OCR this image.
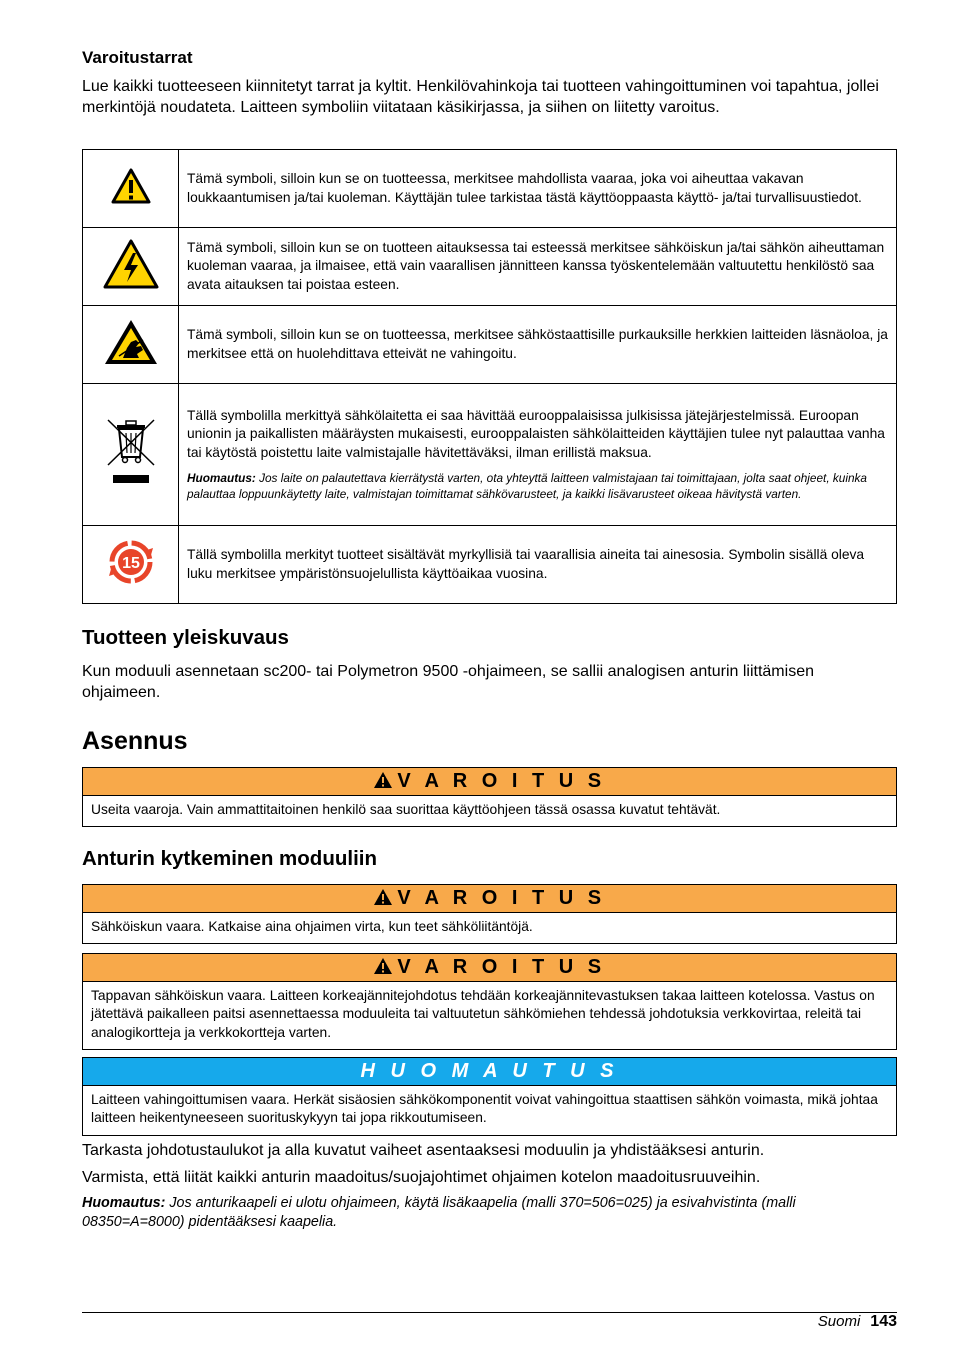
Varoitustarrat
Lue kaikki tuotteeseen kiinnitetyt tarrat ja kyltit. Henkilövahinkoja tai tuotteen vahingoittuminen voi tapahtua, jollei merkintöjä noudateta. Laitteen symboliin viitataan käsikirjassa, ja siihen on liitetty varoitus.
	Tämä symboli, silloin kun se on tuotteessa, merkitsee mahdollista vaaraa, joka voi aiheuttaa vakavan loukkaantumisen ja/tai kuoleman. Käyttäjän tulee tarkistaa tästä käyttöoppaasta käyttö- ja/tai turvallisuustiedot.
	Tämä symboli, silloin kun se on tuotteen aitauksessa tai esteessä merkitsee sähköiskun ja/tai sähkön aiheuttaman kuoleman vaaraa, ja ilmaisee, että vain vaarallisen jännitteen kanssa työskentelemään valtuutettu henkilöstö saa avata aitauksen tai poistaa esteen.
	Tämä symboli, silloin kun se on tuotteessa, merkitsee sähköstaattisille purkauksille herkkien laitteiden läsnäoloa, ja merkitsee että on huolehdittava etteivät ne vahingoitu.

Tällä symbolilla merkittyä sähkölaitetta ei saa hävittää eurooppalaisissa julkisissa jätejärjestelmissä. Euroopan unionin ja paikallisten määräysten mukaisesti, eurooppalaisten sähkölaitteiden käyttäjien tulee nyt palauttaa vanha tai käytöstä poistettu laite valmistajalle hävitettäväksi, ilman erillistä maksua.
Huomautus: Jos laite on palautettava kierrätystä varten, ota yhteyttä laitteen valmistajaan tai toimittajaan, jolta saat ohjeet, kuinka palauttaa loppuunkäytetty laite, valmistajan toimittamat sähkövarusteet, ja kaikki lisävarusteet oikeaa hävitystä varten.

15	Tällä symbolilla merkityt tuotteet sisältävät myrkyllisiä tai vaarallisia aineita tai ainesosia. Symbolin sisällä oleva luku merkitsee ympäristönsuojelullista käyttöaikaa vuosina.
Tuotteen yleiskuvaus
Kun moduuli asennetaan sc200- tai Polymetron 9500 -ohjaimeen, se sallii analogisen anturin liittämisen ohjaimeen.
Asennus
V A R O I T U S
Useita vaaroja. Vain ammattitaitoinen henkilö saa suorittaa käyttöohjeen tässä osassa kuvatut tehtävät.
Anturin kytkeminen moduuliin
V A R O I T U S
Sähköiskun vaara. Katkaise aina ohjaimen virta, kun teet sähköliitäntöjä.
V A R O I T U S
Tappavan sähköiskun vaara. Laitteen korkeajännitejohdotus tehdään korkeajännitevastuksen takaa laitteen kotelossa. Vastus on jätettävä paikalleen paitsi asennettaessa moduuleita tai valtuutetun sähkömiehen tehdessä johdotuksia verkkovirtaa, releitä tai analogikortteja ja verkkokortteja varten.
H U O M A U T U S
Laitteen vahingoittumisen vaara. Herkät sisäosien sähkökomponentit voivat vahingoittua staattisen sähkön voimasta, mikä johtaa laitteen heikentyneeseen suorituskykyyn tai jopa rikkoutumiseen.
Tarkasta johdotustaulukot ja alla kuvatut vaiheet asentaaksesi moduulin ja yhdistääksesi anturin.
Varmista, että liität kaikki anturin maadoitus/suojajohtimet ohjaimen kotelon maadoitusruuveihin.
Huomautus: Jos anturikaapeli ei ulotu ohjaimeen, käytä lisäkaapelia (malli 370=506=025) ja esivahvistinta (malli 08350=A=8000) pidentääksesi kaapelia.
Suomi 143
